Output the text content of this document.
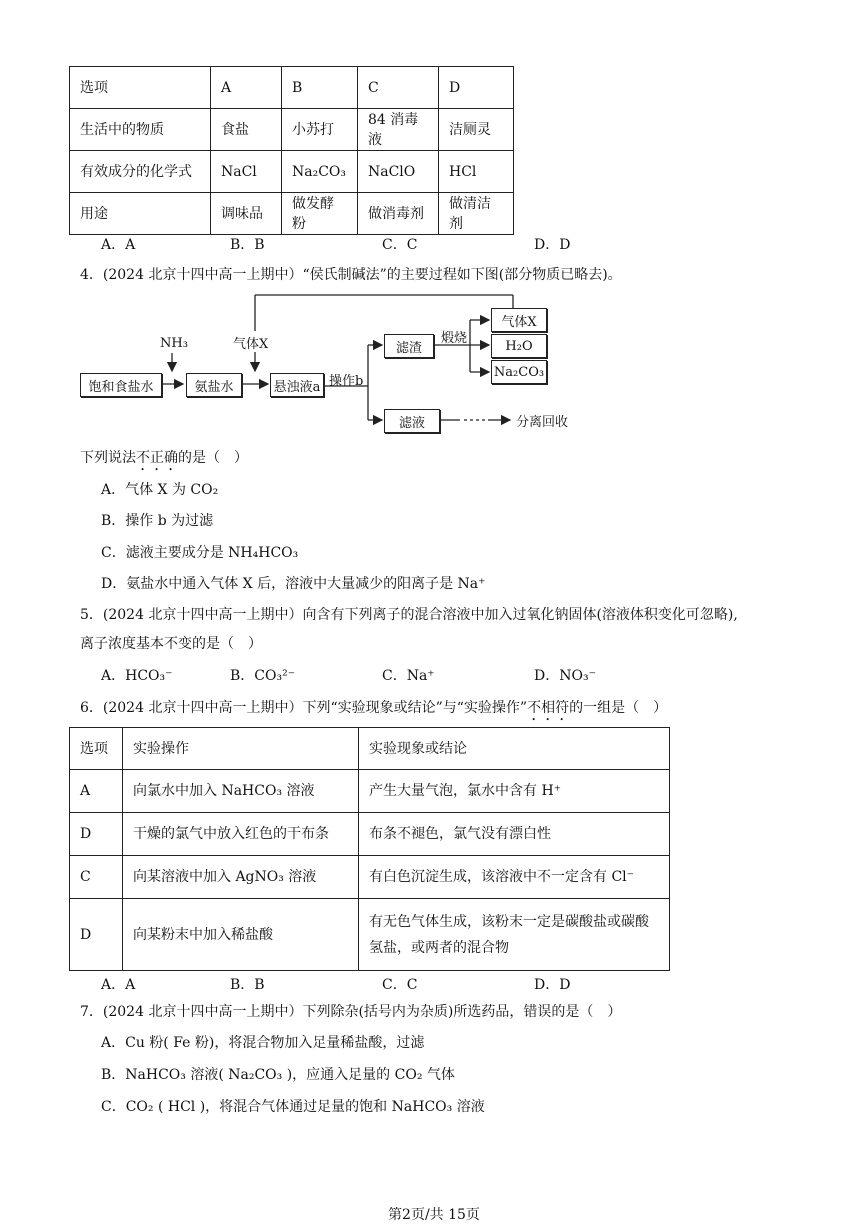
选项	A	B	C	D
生活中的物质	食盐	小苏打	84 消毒液	洁厕灵
有效成分的化学式	NaCl	Na₂CO₃	NaClO	HCl
用途	调味品	做发酵粉	做消毒剂	做清洁剂
A．A	B．B	C．C	D．D
4．(2024 北京十四中高一上期中）“侯氏制碱法”的主要过程如下图(部分物质已略去)。
饱和食盐水	氨盐水	悬浊液a
滤渣
滤液
气体X
H₂O
Na₂CO₃
NH₃	气体X
操作b
煅烧
分离回收
下列说法不正确的是（　）
A．气体 X 为 CO₂
B．操作 b 为过滤
C．滤液主要成分是 NH₄HCO₃
D．氨盐水中通入气体 X 后，溶液中大量减少的阳离子是 Na⁺
5．(2024 北京十四中高一上期中）向含有下列离子的混合溶液中加入过氧化钠固体(溶液体积变化可忽略),
离子浓度基本不变的是（　）
A．HCO₃⁻	B．CO₃²⁻	C．Na⁺	D．NO₃⁻
6．(2024 北京十四中高一上期中）下列“实验现象或结论”与“实验操作”不相符的一组是（　）
选项	实验操作	实验现象或结论
A	向氯水中加入 NaHCO₃ 溶液	产生大量气泡，氯水中含有 H⁺
D	干燥的氯气中放入红色的干布条	布条不褪色，氯气没有漂白性
C	向某溶液中加入 AgNO₃ 溶液	有白色沉淀生成，该溶液中不一定含有 Cl⁻
D	向某粉末中加入稀盐酸	有无色气体生成，该粉末一定是碳酸盐或碳酸氢盐，或两者的混合物
A．A	B．B	C．C	D．D
7．(2024 北京十四中高一上期中）下列除杂(括号内为杂质)所选药品，错误的是（　）
A．Cu 粉( Fe 粉)，将混合物加入足量稀盐酸，过滤
B．NaHCO₃ 溶液( Na₂CO₃ )，应通入足量的 CO₂ 气体
C．CO₂ ( HCl )，将混合气体通过足量的饱和 NaHCO₃ 溶液
第2页/共 15页
